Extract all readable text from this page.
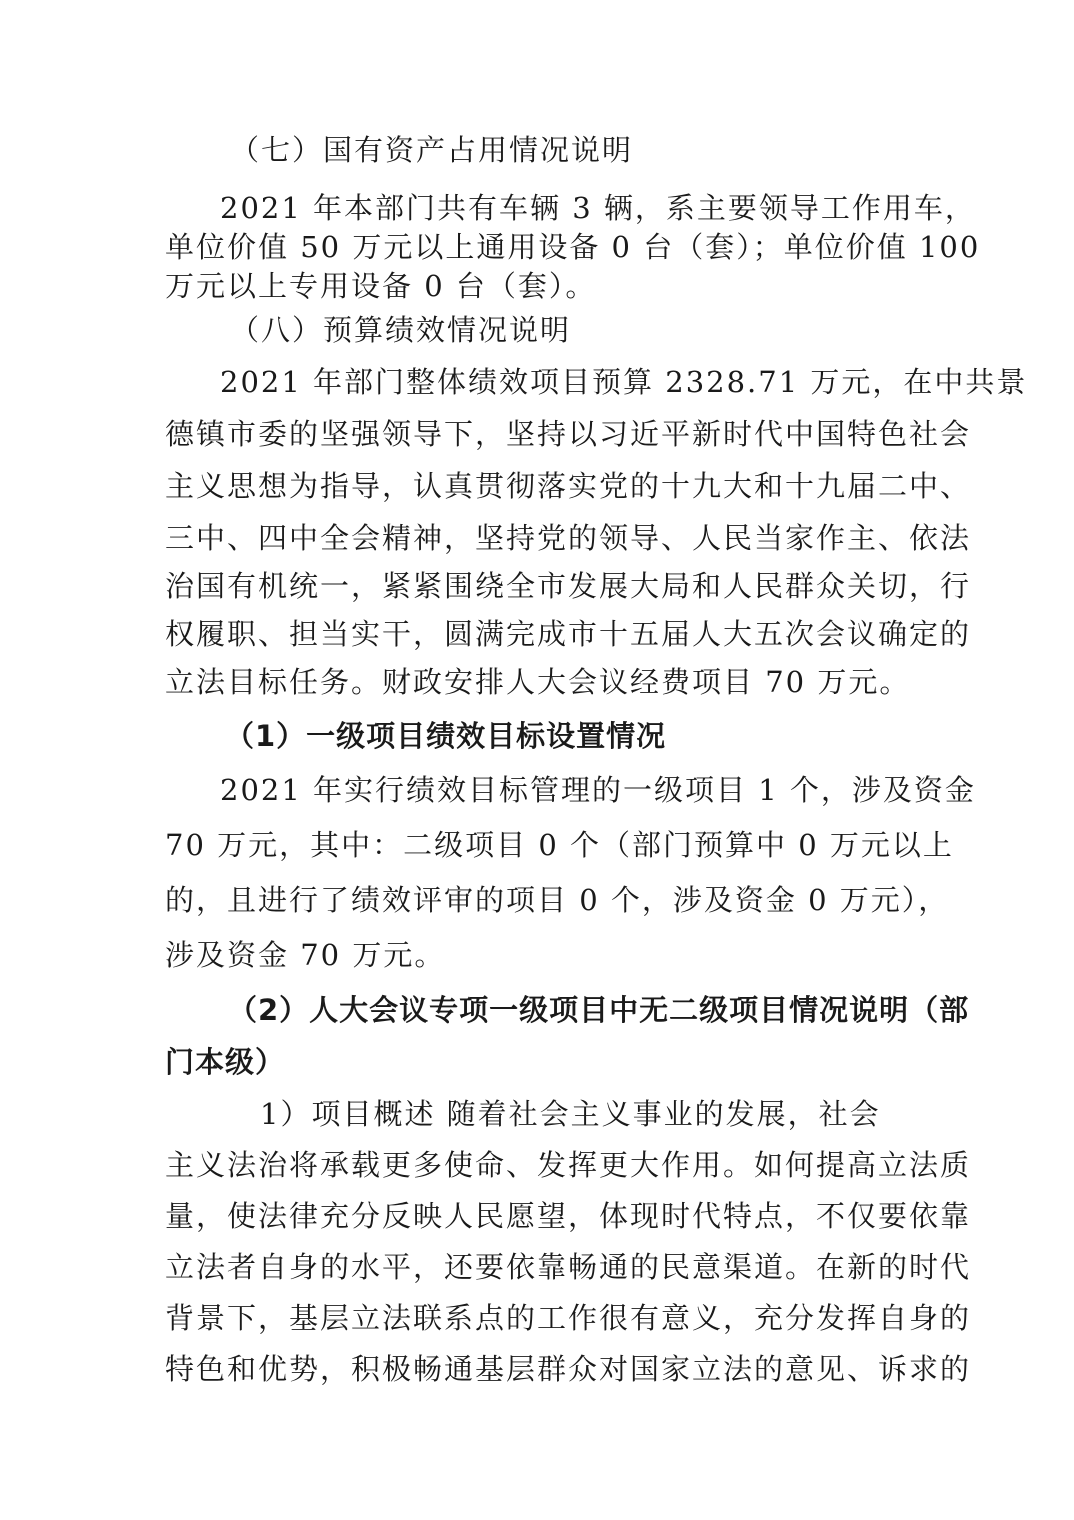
（七）国有资产占用情况说明
2021 年本部门共有车辆 3 辆，系主要领导工作用车，
单位价值 50 万元以上通用设备 0 台（套）；单位价值 100
万元以上专用设备 0 台（套）。
（八）预算绩效情况说明
2021 年部门整体绩效项目预算 2328.71 万元，在中共景
德镇市委的坚强领导下，坚持以习近平新时代中国特色社会
主义思想为指导，认真贯彻落实党的十九大和十九届二中、
三中、四中全会精神，坚持党的领导、人民当家作主、依法
治国有机统一，紧紧围绕全市发展大局和人民群众关切，行
权履职、担当实干，圆满完成市十五届人大五次会议确定的
立法目标任务。财政安排人大会议经费项目 70 万元。
（1）一级项目绩效目标设置情况
2021 年实行绩效目标管理的一级项目 1 个，涉及资金
70 万元，其中：二级项目 0 个（部门预算中 0 万元以上
的，且进行了绩效评审的项目 0 个，涉及资金 0 万元），
涉及资金 70 万元。
（2）人大会议专项一级项目中无二级项目情况说明（部
门本级）
1）项目概述 随着社会主义事业的发展，社会
主义法治将承载更多使命、发挥更大作用。如何提高立法质
量，使法律充分反映人民愿望，体现时代特点，不仅要依靠
立法者自身的水平，还要依靠畅通的民意渠道。在新的时代
背景下，基层立法联系点的工作很有意义，充分发挥自身的
特色和优势，积极畅通基层群众对国家立法的意见、诉求的
